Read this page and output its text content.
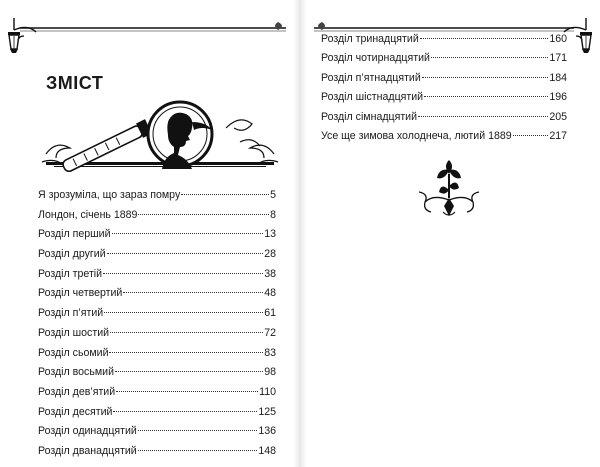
ЗМІСТ
Я зрозуміла, що зараз помру	5
Лондон, січень 1889	8
Розділ перший	13
Розділ другий	28
Розділ третій	38
Розділ четвертий	48
Розділ п’ятий	61
Розділ шостий	72
Розділ сьомий	83
Розділ восьмий	98
Розділ дев’ятий	110
Розділ десятий	125
Розділ одинадцятий	136
Розділ дванадцятий	148
Розділ тринадцятий	160
Розділ чотирнадцятий	171
Розділ п’ятнадцятий	184
Розділ шістнадцятий	196
Розділ сімнадцятий	205
Усе ще зимова холоднеча, лютий 1889	217
